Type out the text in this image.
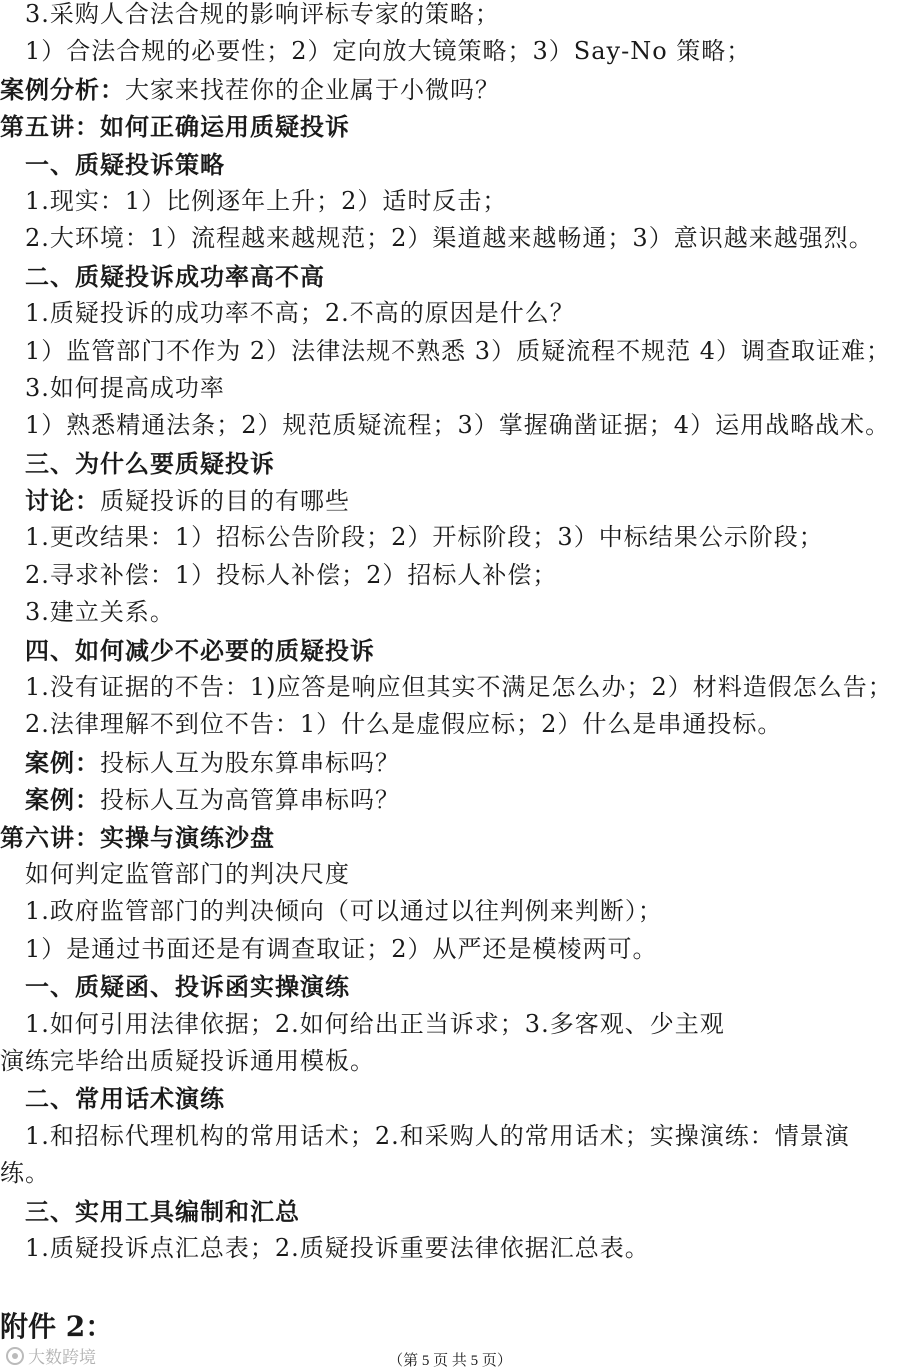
3.采购人合法合规的影响评标专家的策略；
1）合法合规的必要性；2）定向放大镜策略；3）Say-No 策略；
案例分析：大家来找茬你的企业属于小微吗？
第五讲：如何正确运用质疑投诉
一、质疑投诉策略
1.现实：1）比例逐年上升；2）适时反击；
2.大环境：1）流程越来越规范；2）渠道越来越畅通；3）意识越来越强烈。
二、质疑投诉成功率高不高
1.质疑投诉的成功率不高；2.不高的原因是什么？
1）监管部门不作为 2）法律法规不熟悉 3）质疑流程不规范 4）调查取证难；
3.如何提高成功率
1）熟悉精通法条；2）规范质疑流程；3）掌握确凿证据；4）运用战略战术。
三、为什么要质疑投诉
讨论：质疑投诉的目的有哪些
1.更改结果：1）招标公告阶段；2）开标阶段；3）中标结果公示阶段；
2.寻求补偿：1）投标人补偿；2）招标人补偿；
3.建立关系。
四、如何减少不必要的质疑投诉
1.没有证据的不告：1)应答是响应但其实不满足怎么办；2）材料造假怎么告；
2.法律理解不到位不告：1）什么是虚假应标；2）什么是串通投标。
案例：投标人互为股东算串标吗？
案例：投标人互为高管算串标吗？
第六讲：实操与演练沙盘
如何判定监管部门的判决尺度
1.政府监管部门的判决倾向（可以通过以往判例来判断）；
1）是通过书面还是有调查取证；2）从严还是模棱两可。
一、质疑函、投诉函实操演练
1.如何引用法律依据；2.如何给出正当诉求；3.多客观、少主观
演练完毕给出质疑投诉通用模板。
二、常用话术演练
1.和招标代理机构的常用话术；2.和采购人的常用话术；实操演练：情景演
练。
三、实用工具编制和汇总
1.质疑投诉点汇总表；2.质疑投诉重要法律依据汇总表。
附件 2：
大数跨境	（第 5 页 共 5 页）
